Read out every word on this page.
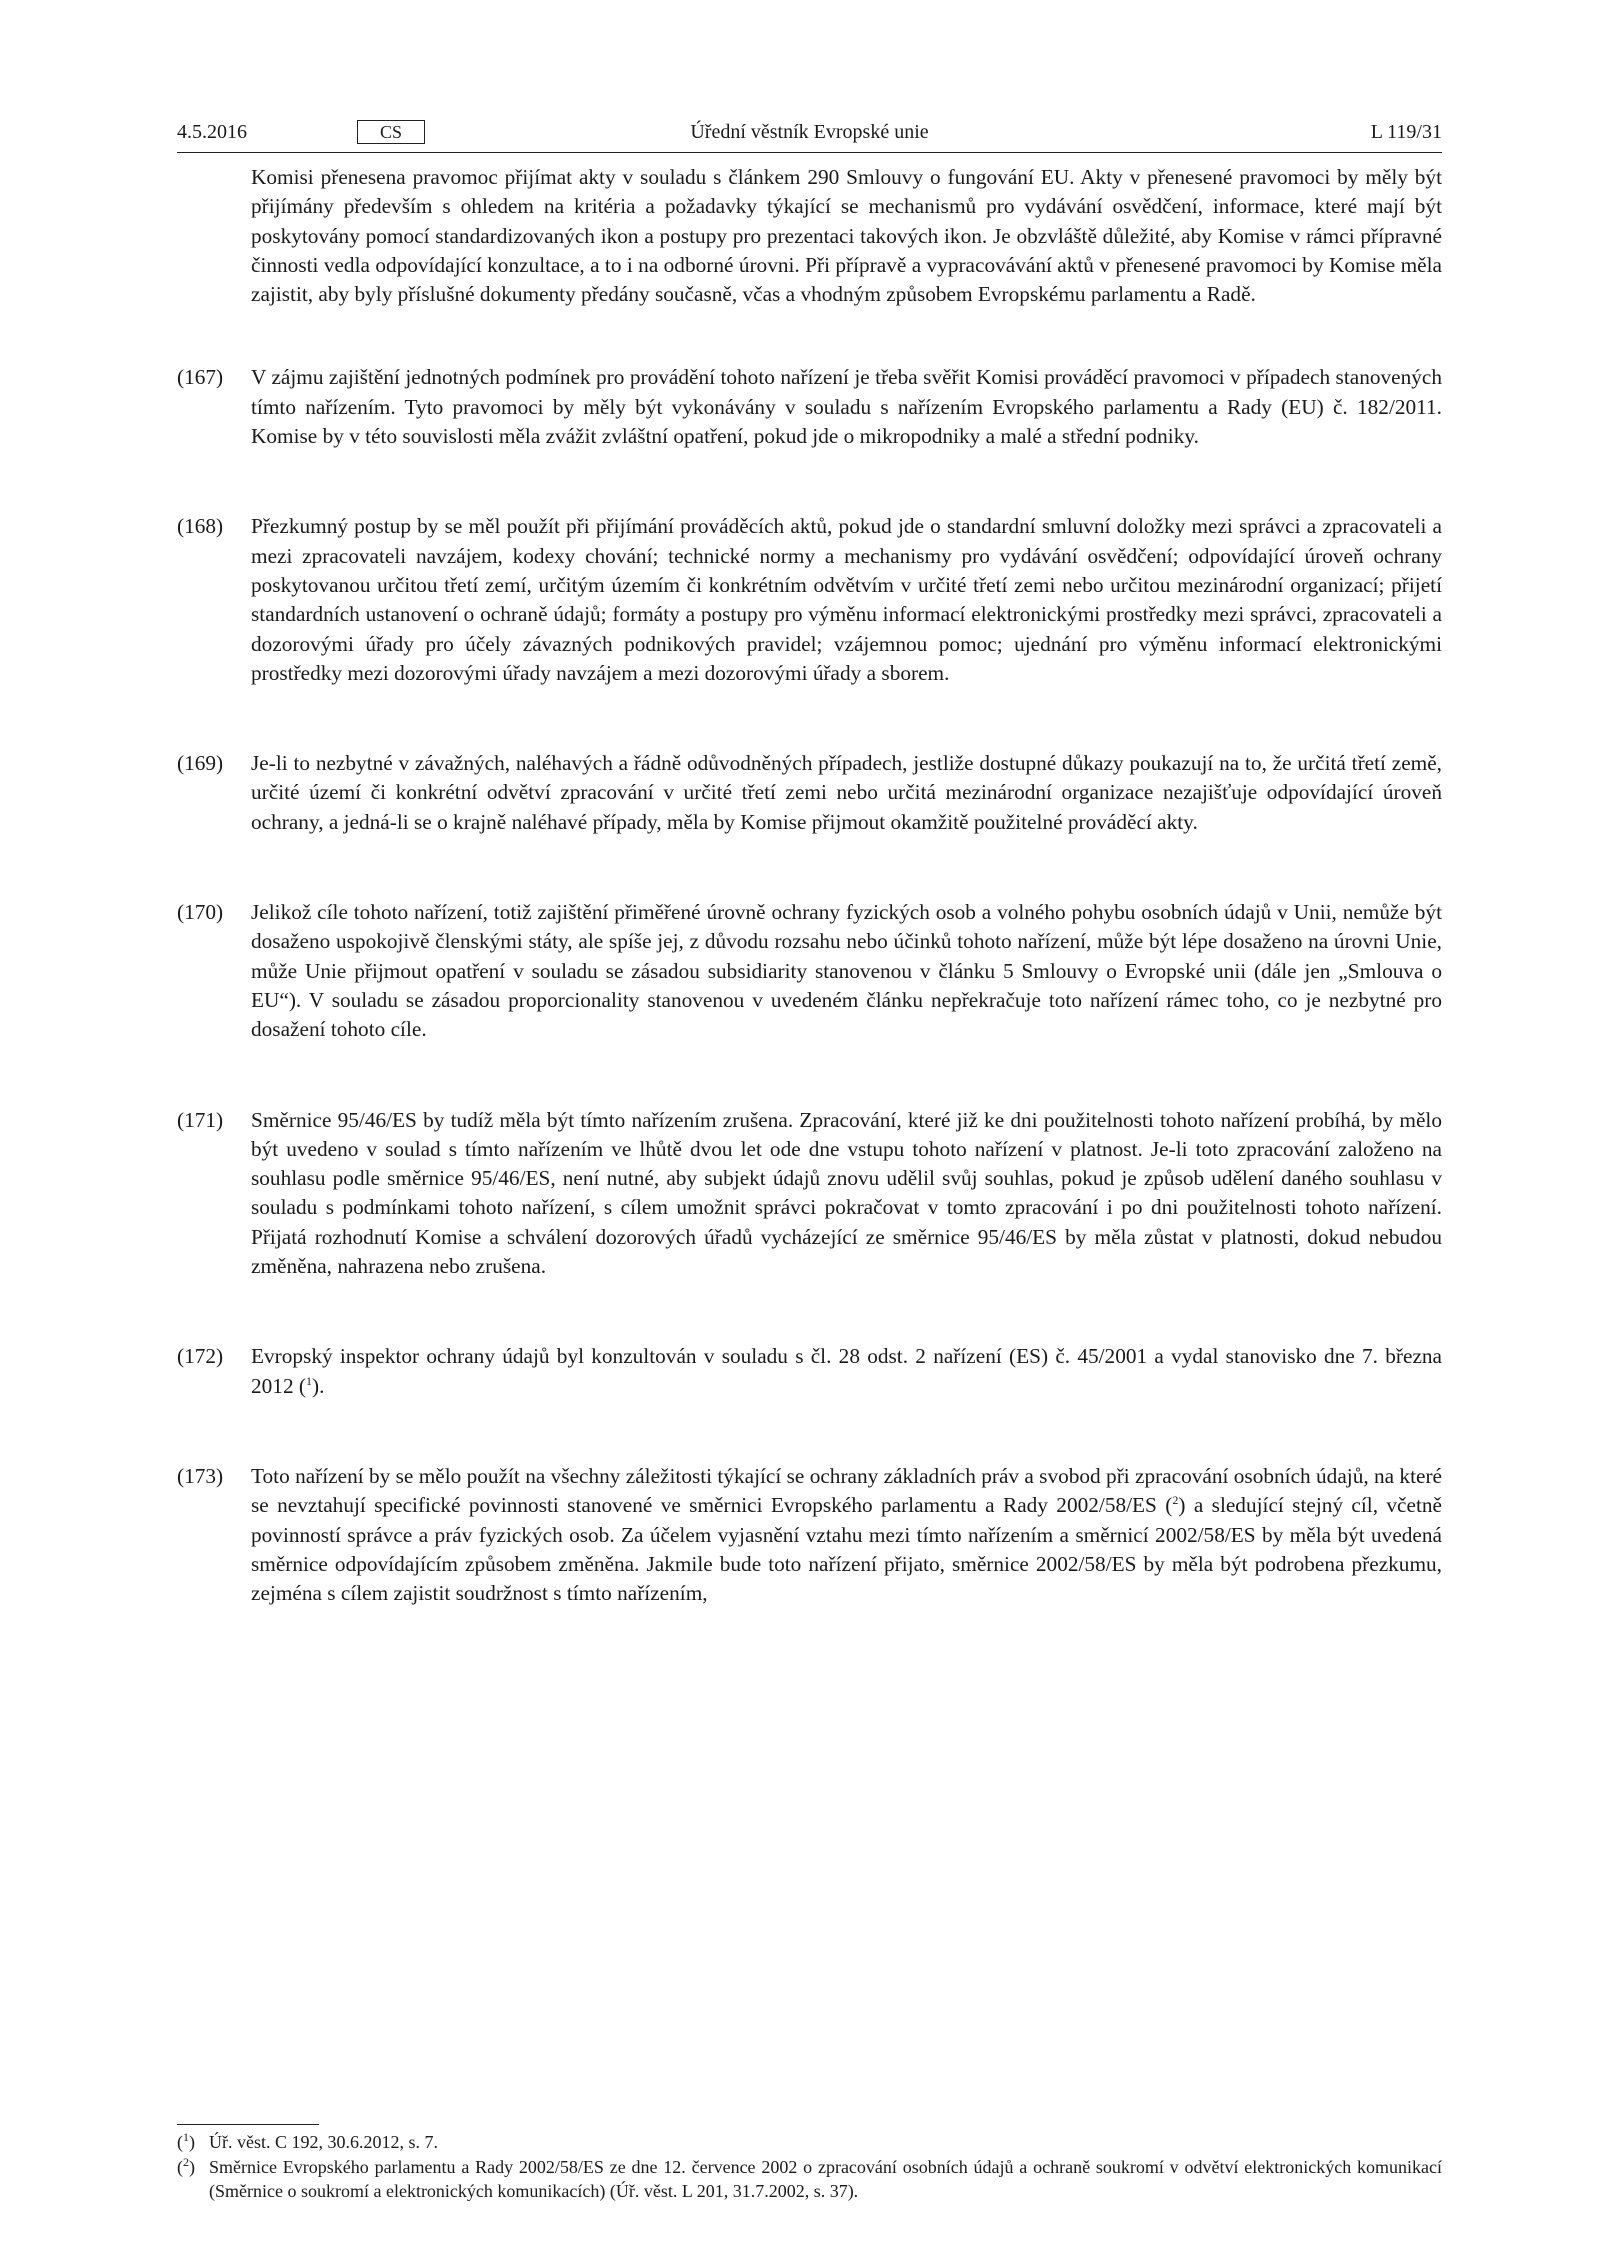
4.5.2016	CS	Úřední věstník Evropské unie	L 119/31

Komisi přenesena pravomoc přijímat akty v souladu s článkem 290 Smlouvy o fungování EU. Akty v přenesené pravomoci by měly být přijímány především s ohledem na kritéria a požadavky týkající se mechanismů pro vydávání osvědčení, informace, které mají být poskytovány pomocí standardizovaných ikon a postupy pro prezentaci takových ikon. Je obzvláště důležité, aby Komise v rámci přípravné činnosti vedla odpovídající konzultace, a to i na odborné úrovni. Při přípravě a vypracovávání aktů v přenesené pravomoci by Komise měla zajistit, aby byly příslušné dokumenty předány současně, včas a vhodným způsobem Evropskému parlamentu a Radě.

(167)	V zájmu zajištění jednotných podmínek pro provádění tohoto nařízení je třeba svěřit Komisi prováděcí pravomoci v případech stanovených tímto nařízením. Tyto pravomoci by měly být vykonávány v souladu s nařízením Evropského parlamentu a Rady (EU) č. 182/2011. Komise by v této souvislosti měla zvážit zvláštní opatření, pokud jde o mikropodniky a malé a střední podniky.
(168)	Přezkumný postup by se měl použít při přijímání prováděcích aktů, pokud jde o standardní smluvní doložky mezi správci a zpracovateli a mezi zpracovateli navzájem, kodexy chování; technické normy a mechanismy pro vydávání osvědčení; odpovídající úroveň ochrany poskytovanou určitou třetí zemí, určitým územím či konkrétním odvětvím v určité třetí zemi nebo určitou mezinárodní organizací; přijetí standardních ustanovení o ochraně údajů; formáty a postupy pro výměnu informací elektronickými prostředky mezi správci, zpracovateli a dozorovými úřady pro účely závazných podnikových pravidel; vzájemnou pomoc; ujednání pro výměnu informací elektronickými prostředky mezi dozorovými úřady navzájem a mezi dozorovými úřady a sborem.
(169)	Je-li to nezbytné v závažných, naléhavých a řádně odůvodněných případech, jestliže dostupné důkazy poukazují na to, že určitá třetí země, určité území či konkrétní odvětví zpracování v určité třetí zemi nebo určitá mezinárodní organizace nezajišťuje odpovídající úroveň ochrany, a jedná-li se o krajně naléhavé případy, měla by Komise přijmout okamžitě použitelné prováděcí akty.
(170)	Jelikož cíle tohoto nařízení, totiž zajištění přiměřené úrovně ochrany fyzických osob a volného pohybu osobních údajů v Unii, nemůže být dosaženo uspokojivě členskými státy, ale spíše jej, z důvodu rozsahu nebo účinků tohoto nařízení, může být lépe dosaženo na úrovni Unie, může Unie přijmout opatření v souladu se zásadou subsidiarity stanovenou v článku 5 Smlouvy o Evropské unii (dále jen „Smlouva o EU“). V souladu se zásadou proporcionality stanovenou v uvedeném článku nepřekračuje toto nařízení rámec toho, co je nezbytné pro dosažení tohoto cíle.
(171)	Směrnice 95/46/ES by tudíž měla být tímto nařízením zrušena. Zpracování, které již ke dni použitelnosti tohoto nařízení probíhá, by mělo být uvedeno v soulad s tímto nařízením ve lhůtě dvou let ode dne vstupu tohoto nařízení v platnost. Je-li toto zpracování založeno na souhlasu podle směrnice 95/46/ES, není nutné, aby subjekt údajů znovu udělil svůj souhlas, pokud je způsob udělení daného souhlasu v souladu s podmínkami tohoto nařízení, s cílem umožnit správci pokračovat v tomto zpracování i po dni použitelnosti tohoto nařízení. Přijatá rozhodnutí Komise a schválení dozorových úřadů vycházející ze směrnice 95/46/ES by měla zůstat v platnosti, dokud nebudou změněna, nahrazena nebo zrušena.
(172)	Evropský inspektor ochrany údajů byl konzultován v souladu s čl. 28 odst. 2 nařízení (ES) č. 45/2001 a vydal stanovisko dne 7. března 2012 ($^1$).
(173)	Toto nařízení by se mělo použít na všechny záležitosti týkající se ochrany základních práv a svobod při zpracování osobních údajů, na které se nevztahují specifické povinnosti stanovené ve směrnici Evropského parlamentu a Rady 2002/58/ES ($^2$) a sledující stejný cíl, včetně povinností správce a práv fyzických osob. Za účelem vyjasnění vztahu mezi tímto nařízením a směrnicí 2002/58/ES by měla být uvedená směrnice odpovídajícím způsobem změněna. Jakmile bude toto nařízení přijato, směrnice 2002/58/ES by měla být podrobena přezkumu, zejména s cílem zajistit soudržnost s tímto nařízením,
($^1$) Úř. věst. C 192, 30.6.2012, s. 7.
($^2$) Směrnice Evropského parlamentu a Rady 2002/58/ES ze dne 12. července 2002 o zpracování osobních údajů a ochraně soukromí v odvětví elektronických komunikací (Směrnice o soukromí a elektronických komunikacích) (Úř. věst. L 201, 31.7.2002, s. 37).
